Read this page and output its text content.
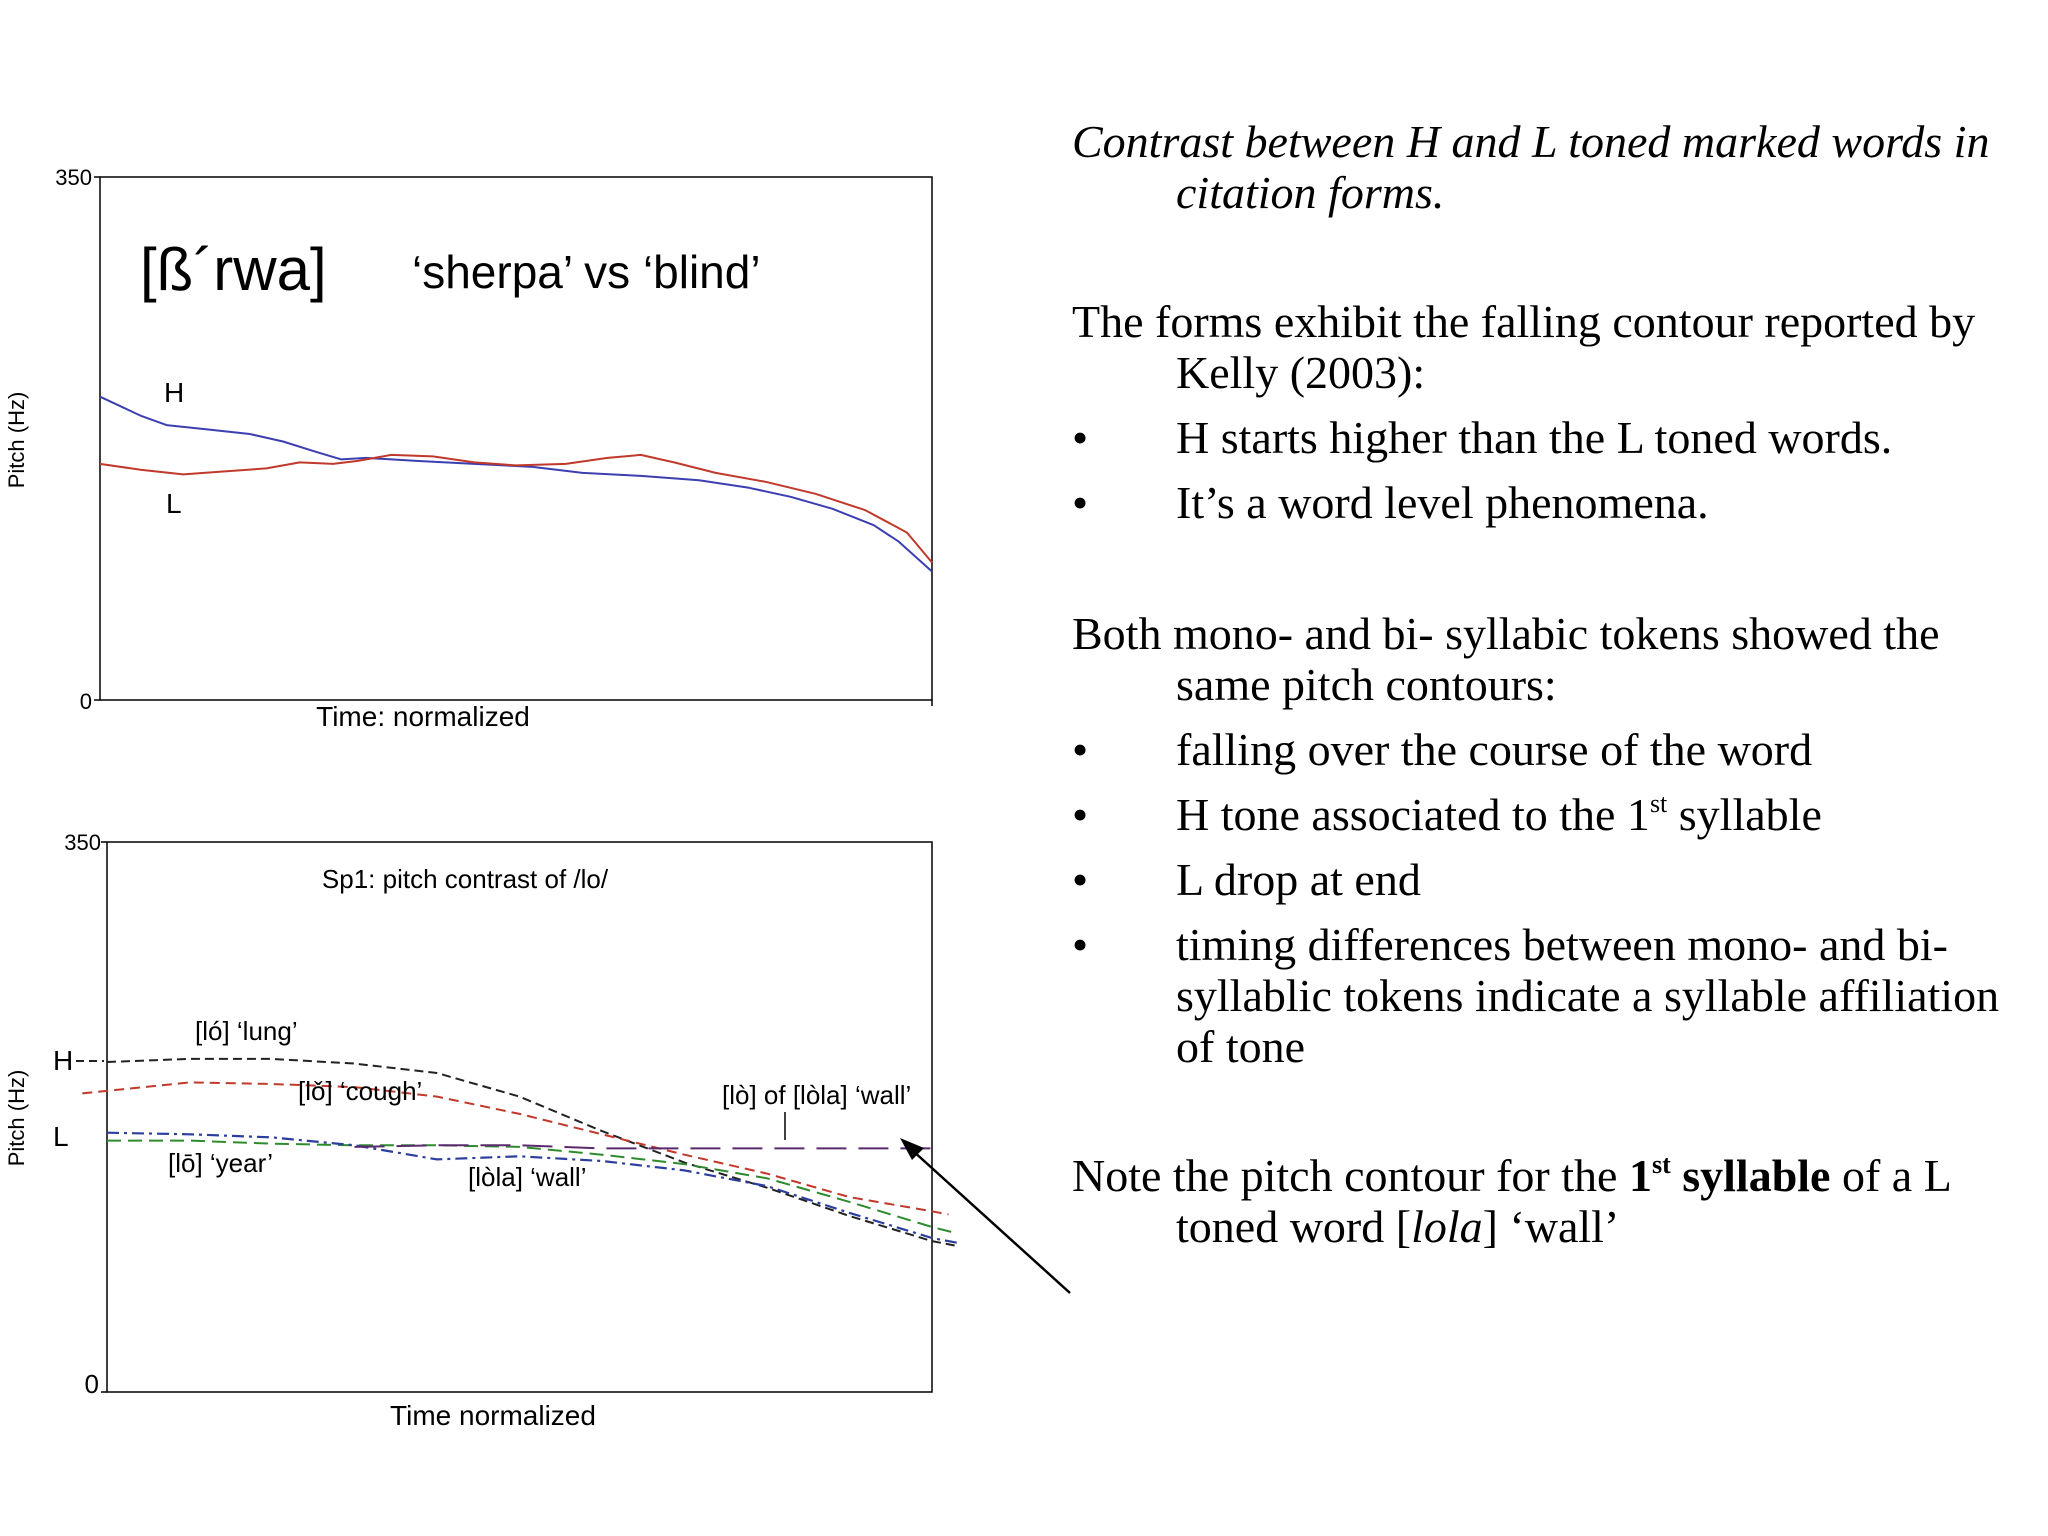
350
0
Pitch (Hz)
Time: normalized
[ß´rwa] ‘sherpa’ vs ‘blind’
H
L
350
0
Pitch (Hz)
Time normalized
Sp1: pitch contrast of /lo/
H
L
[ló] ‘lung’
[lǒ] ‘cough’
[lō] ‘year’	[lòla] ‘wall’
[lò] of [lòla] ‘wall’

Contrast between H and L toned marked words in citation forms.

The forms exhibit the falling contour reported by Kelly (2003):

•	H starts higher than the L toned words.
•	It’s a word level phenomena.

Both mono- and bi- syllabic tokens showed the same pitch contours:

•	falling over the course of the word
•	H tone associated to the 1st syllable
•	L drop at end
•	timing differences between mono- and bi- syllablic tokens indicate a syllable affiliation of tone

Note the pitch contour for the 1st syllable of a L toned word [lola] ‘wall’
